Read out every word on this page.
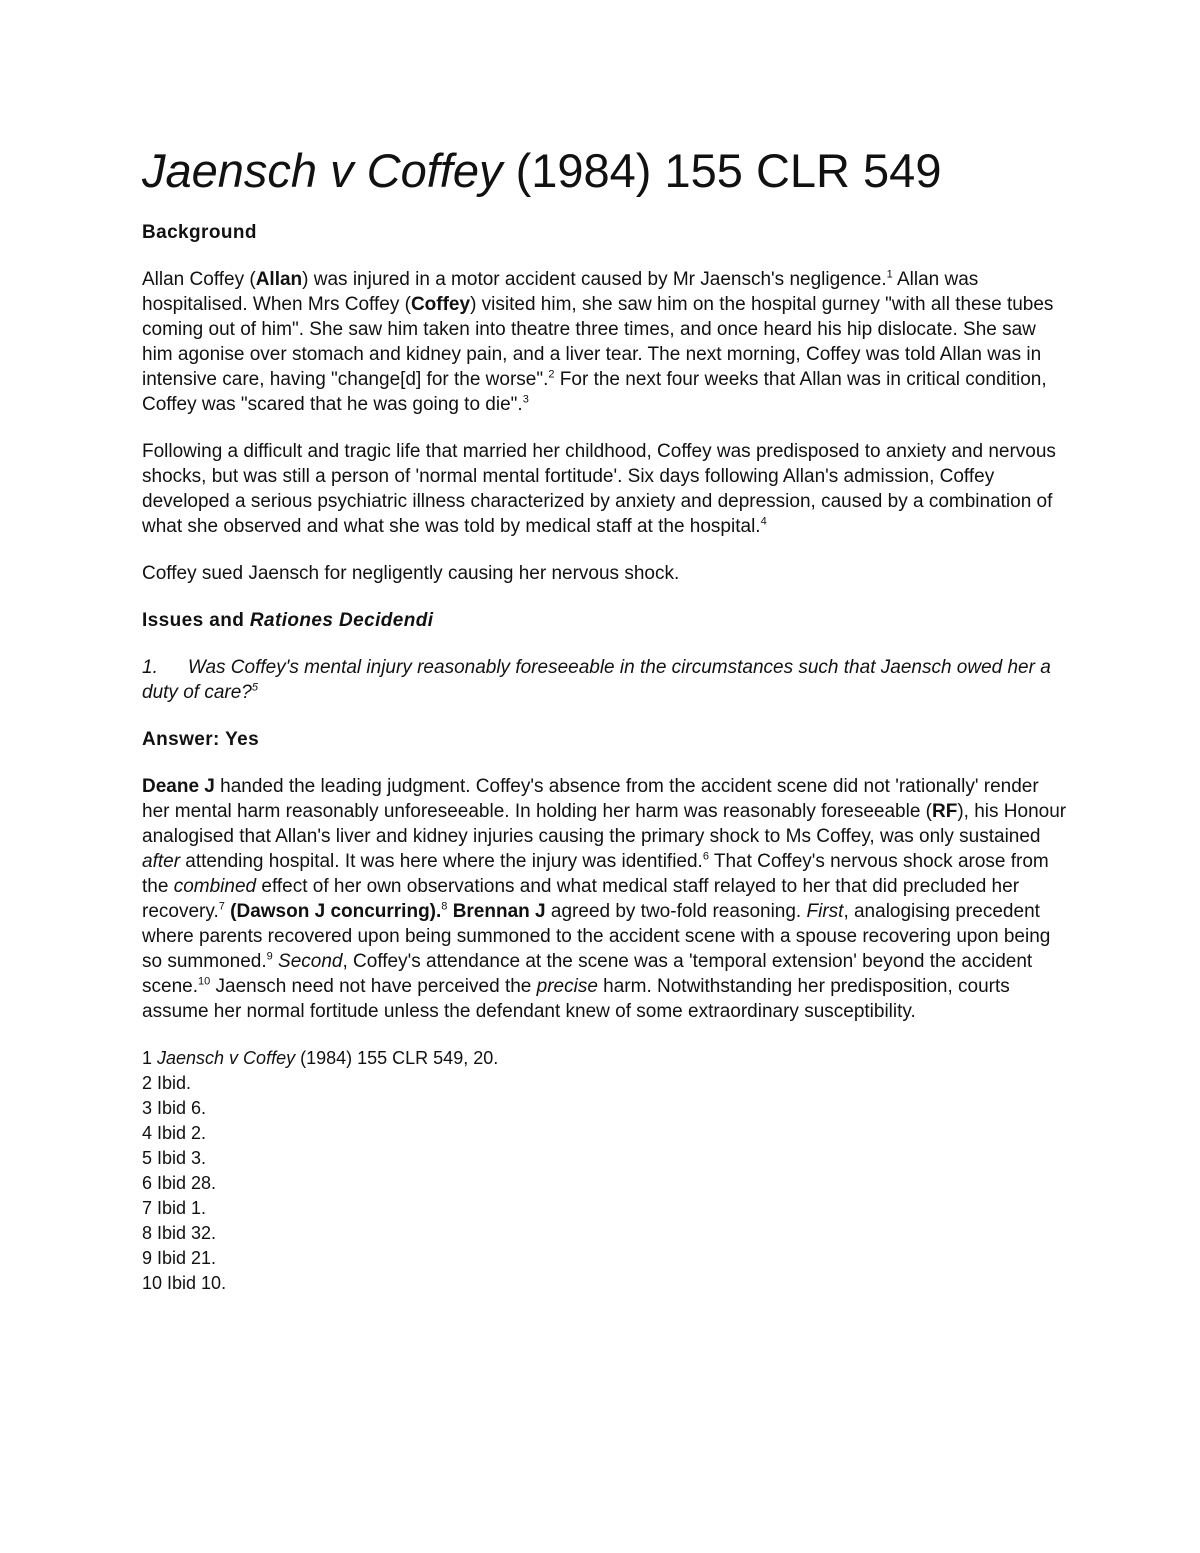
Jaensch v Coffey (1984) 155 CLR 549
Background

Allan Coffey (Allan) was injured in a motor accident caused by Mr Jaensch's negligence.$^1$ Allan was hospitalised. When Mrs Coffey (Coffey) visited him, she saw him on the hospital gurney "with all these tubes coming out of him". She saw him taken into theatre three times, and once heard his hip dislocate. She saw him agonise over stomach and kidney pain, and a liver tear. The next morning, Coffey was told Allan was in intensive care, having "change[d] for the worse".$^2$ For the next four weeks that Allan was in critical condition, Coffey was "scared that he was going to die".$^3$

Following a difficult and tragic life that married her childhood, Coffey was predisposed to anxiety and nervous shocks, but was still a person of 'normal mental fortitude'. Six days following Allan's admission, Coffey developed a serious psychiatric illness characterized by anxiety and depression, caused by a combination of what she observed and what she was told by medical staff at the hospital.$^4$

Coffey sued Jaensch for negligently causing her nervous shock.

Issues and Rationes Decidendi

1. Was Coffey's mental injury reasonably foreseeable in the circumstances such that Jaensch owed her a duty of care?$^5$

Answer: Yes

Deane J handed the leading judgment. Coffey's absence from the accident scene did not 'rationally' render her mental harm reasonably unforeseeable. In holding her harm was reasonably foreseeable (RF), his Honour analogised that Allan's liver and kidney injuries causing the primary shock to Ms Coffey, was only sustained after attending hospital. It was here where the injury was identified.$^6$ That Coffey's nervous shock arose from the combined effect of her own observations and what medical staff relayed to her that did precluded her recovery.$^7$ (Dawson J concurring).$^8$ Brennan J agreed by two-fold reasoning. First, analogising precedent where parents recovered upon being summoned to the accident scene with a spouse recovering upon being so summoned.$^9$ Second, Coffey's attendance at the scene was a 'temporal extension' beyond the accident scene.$^{10}$ Jaensch need not have perceived the precise harm. Notwithstanding her predisposition, courts assume her normal fortitude unless the defendant knew of some extraordinary susceptibility.

1 Jaensch v Coffey (1984) 155 CLR 549, 20.
2 Ibid.
3 Ibid 6.
4 Ibid 2.
5 Ibid 3.
6 Ibid 28.
7 Ibid 1.
8 Ibid 32.
9 Ibid 21.
10 Ibid 10.
